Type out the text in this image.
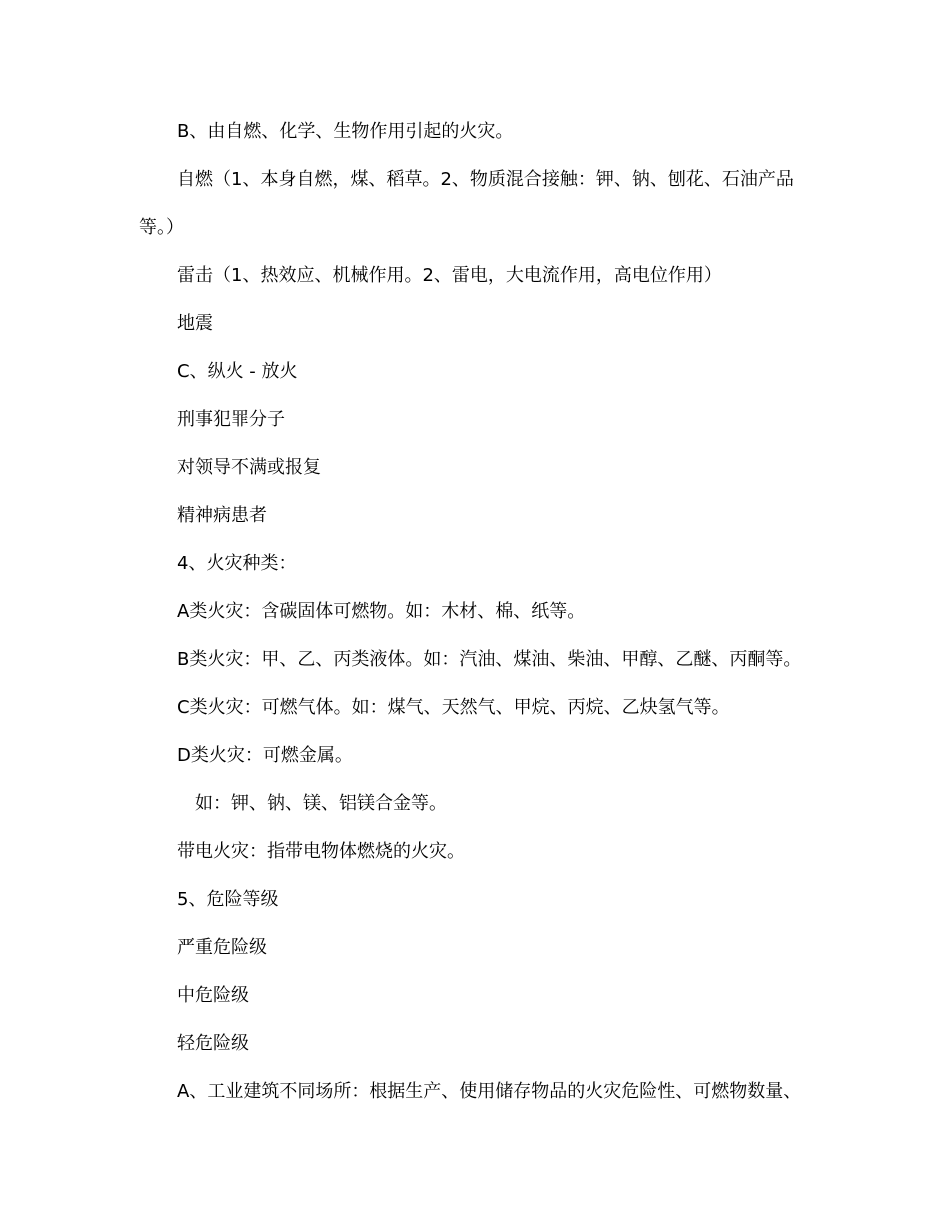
B、由自燃、化学、生物作用引起的火灾。

自燃（1、本身自燃，煤、稻草。2、物质混合接触：钾、钠、刨花、石油产品等。）

雷击（1、热效应、机械作用。2、雷电，大电流作用，高电位作用）

地震

C、纵火 - 放火

刑事犯罪分子

对领导不满或报复

精神病患者

4、火灾种类：

A类火灾：含碳固体可燃物。如：木材、棉、纸等。

B类火灾：甲、乙、丙类液体。如：汽油、煤油、柴油、甲醇、乙醚、丙酮等。

C类火灾：可燃气体。如：煤气、天然气、甲烷、丙烷、乙炔氢气等。

D类火灾：可燃金属。

如：钾、钠、镁、铝镁合金等。

带电火灾：指带电物体燃烧的火灾。

5、危险等级

严重危险级

中危险级

轻危险级

A、工业建筑不同场所：根据生产、使用储存物品的火灾危险性、可燃物数量、
